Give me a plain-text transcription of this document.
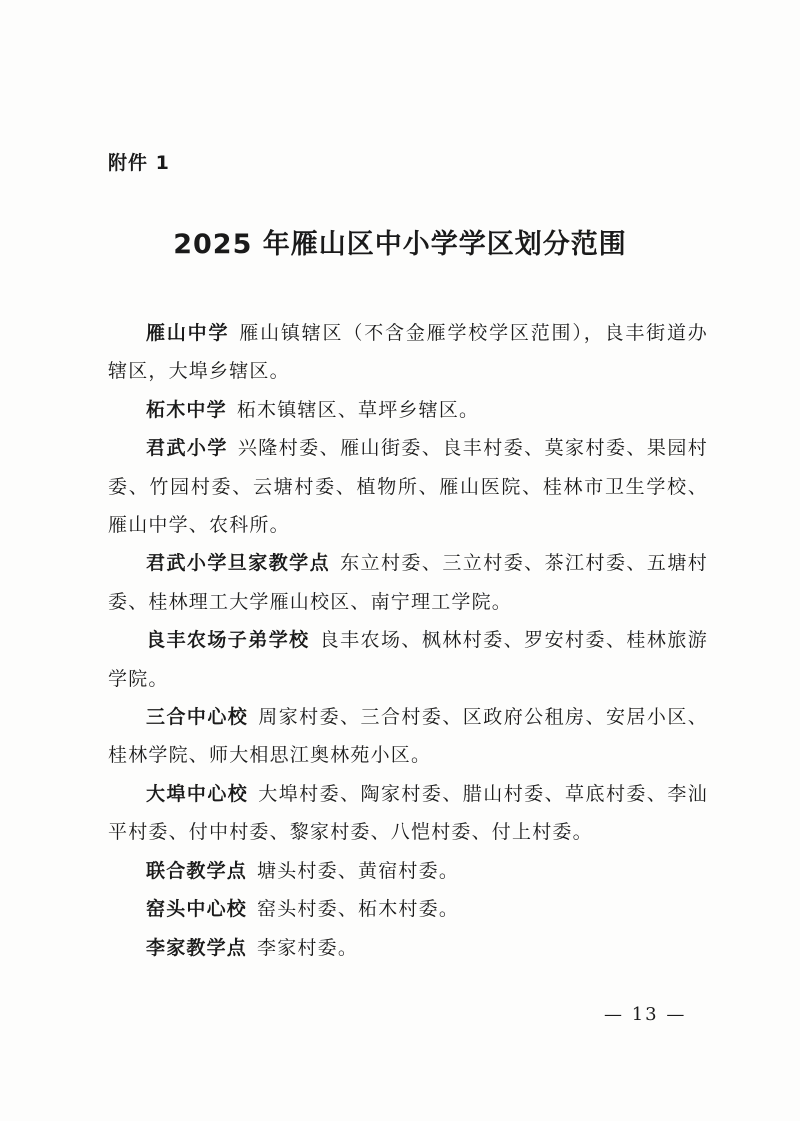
附件 1
2025 年雁山区中小学学区划分范围

雁山中学 雁山镇辖区（不含金雁学校学区范围），良丰街道办辖区，大埠乡辖区。

柘木中学 柘木镇辖区、草坪乡辖区。

君武小学 兴隆村委、雁山街委、良丰村委、莫家村委、果园村委、竹园村委、云塘村委、植物所、雁山医院、桂林市卫生学校、雁山中学、农科所。

君武小学旦家教学点 东立村委、三立村委、茶江村委、五塘村委、桂林理工大学雁山校区、南宁理工学院。

良丰农场子弟学校 良丰农场、枫林村委、罗安村委、桂林旅游学院。

三合中心校 周家村委、三合村委、区政府公租房、安居小区、桂林学院、师大相思江奥林苑小区。

大埠中心校 大埠村委、陶家村委、腊山村委、草底村委、李汕平村委、付中村委、黎家村委、八恺村委、付上村委。

联合教学点 塘头村委、黄宿村委。

窑头中心校 窑头村委、柘木村委。

李家教学点 李家村委。

— 13 —
